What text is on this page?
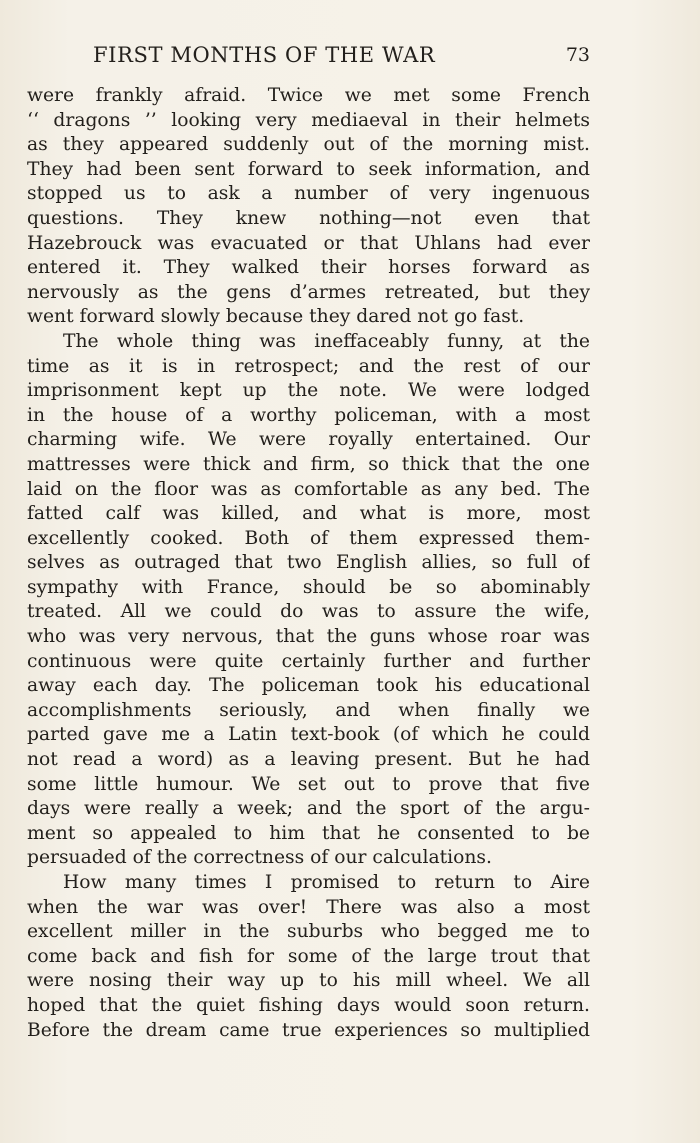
FIRST MONTHS OF THE WAR	73
were frankly afraid. Twice we met some French
‘‘ dragons ’’ looking very mediaeval in their helmets
as they appeared suddenly out of the morning mist.
They had been sent forward to seek information, and
stopped us to ask a number of very ingenuous
questions. They knew nothing—not even that
Hazebrouck was evacuated or that Uhlans had ever
entered it. They walked their horses forward as
nervously as the gens d’armes retreated, but they
went forward slowly because they dared not go fast.
The whole thing was ineffaceably funny, at the
time as it is in retrospect; and the rest of our
imprisonment kept up the note. We were lodged
in the house of a worthy policeman, with a most
charming wife. We were royally entertained. Our
mattresses were thick and firm, so thick that the one
laid on the floor was as comfortable as any bed. The
fatted calf was killed, and what is more, most
excellently cooked. Both of them expressed them-
selves as outraged that two English allies, so full of
sympathy with France, should be so abominably
treated. All we could do was to assure the wife,
who was very nervous, that the guns whose roar was
continuous were quite certainly further and further
away each day. The policeman took his educational
accomplishments seriously, and when finally we
parted gave me a Latin text-book (of which he could
not read a word) as a leaving present. But he had
some little humour. We set out to prove that five
days were really a week; and the sport of the argu-
ment so appealed to him that he consented to be
persuaded of the correctness of our calculations.
How many times I promised to return to Aire
when the war was over! There was also a most
excellent miller in the suburbs who begged me to
come back and fish for some of the large trout that
were nosing their way up to his mill wheel. We all
hoped that the quiet fishing days would soon return.
Before the dream came true experiences so multiplied
